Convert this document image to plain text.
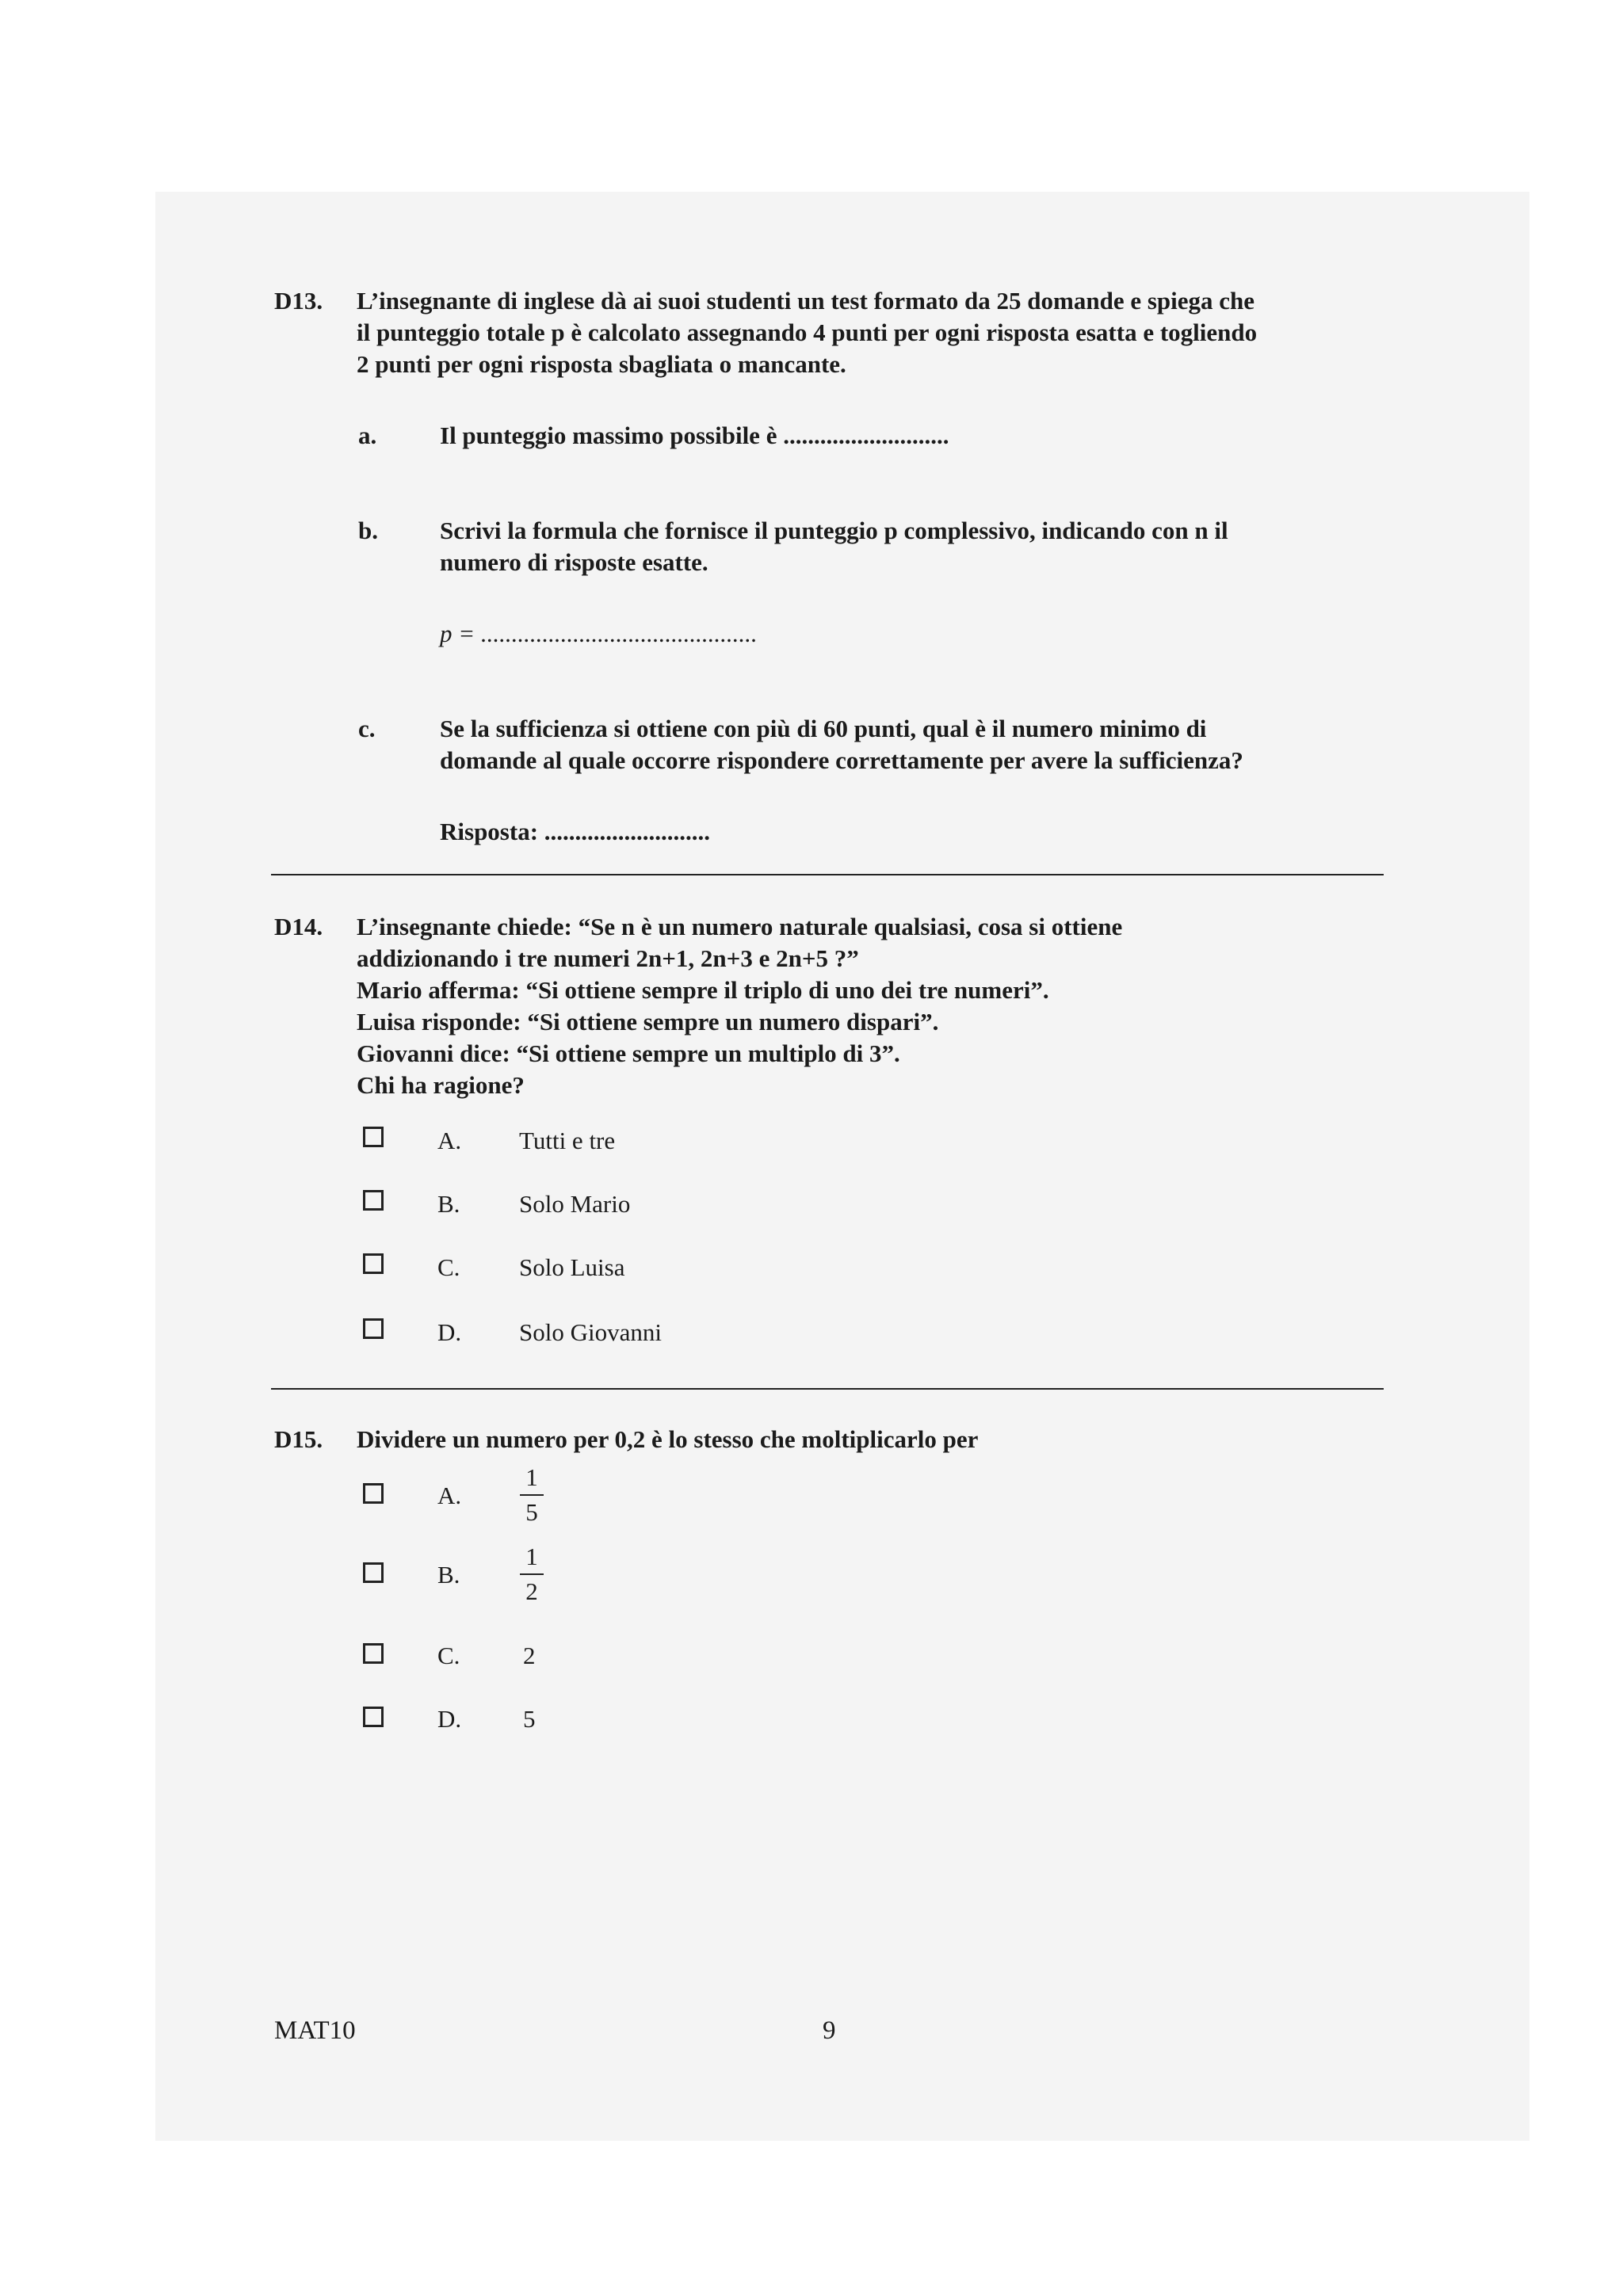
D13. L’insegnante di inglese dà ai suoi studenti un test formato da 25 domande e spiega che
il punteggio totale p è calcolato assegnando 4 punti per ogni risposta esatta e togliendo
2 punti per ogni risposta sbagliata o mancante.
a.	Il punteggio massimo possibile è ...........................
b.	Scrivi la formula che fornisce il punteggio p complessivo, indicando con n il
numero di risposte esatte.
p = .............................................
c.	Se la sufficienza si ottiene con più di 60 punti, qual è il numero minimo di
domande al quale occorre rispondere correttamente per avere la sufficienza?
Risposta: ...........................
D14. L’insegnante chiede: “Se n è un numero naturale qualsiasi, cosa si ottiene
addizionando i tre numeri 2n+1, 2n+3 e 2n+5 ?”
Mario afferma: “Si ottiene sempre il triplo di uno dei tre numeri”.
Luisa risponde: “Si ottiene sempre un numero dispari”.
Giovanni dice: “Si ottiene sempre un multiplo di 3”.
Chi ha ragione?
A. Tutti e tre
B. Solo Mario
C. Solo Luisa
D. Solo Giovanni
D15. Dividere un numero per 0,2 è lo stesso che moltiplicarlo per
A.
1
5
B.
1
2
C.	2
D.	5
MAT10	9
